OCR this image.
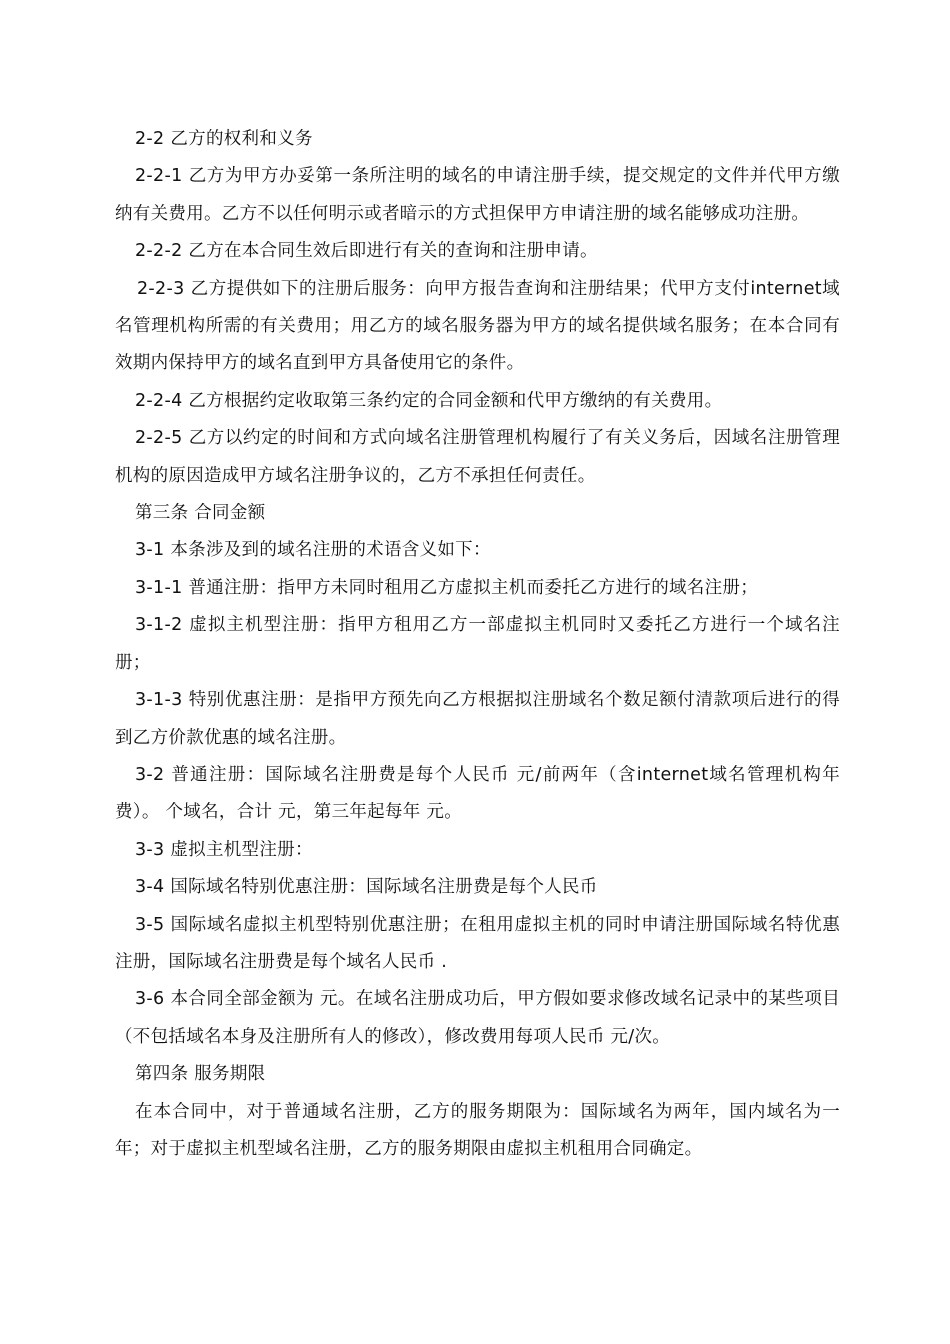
2-2 乙方的权利和义务

2-2-1 乙方为甲方办妥第一条所注明的域名的申请注册手续，提交规定的文件并代甲方缴纳有关费用。乙方不以任何明示或者暗示的方式担保甲方申请注册的域名能够成功注册。

2-2-2 乙方在本合同生效后即进行有关的查询和注册申请。

2-2-3 乙方提供如下的注册后服务：向甲方报告查询和注册结果；代甲方支付internet域名管理机构所需的有关费用；用乙方的域名服务器为甲方的域名提供域名服务；在本合同有效期内保持甲方的域名直到甲方具备使用它的条件。

2-2-4 乙方根据约定收取第三条约定的合同金额和代甲方缴纳的有关费用。

2-2-5 乙方以约定的时间和方式向域名注册管理机构履行了有关义务后，因域名注册管理机构的原因造成甲方域名注册争议的，乙方不承担任何责任。

第三条 合同金额

3-1 本条涉及到的域名注册的术语含义如下：

3-1-1 普通注册：指甲方未同时租用乙方虚拟主机而委托乙方进行的域名注册；

3-1-2 虚拟主机型注册：指甲方租用乙方一部虚拟主机同时又委托乙方进行一个域名注册；

3-1-3 特别优惠注册：是指甲方预先向乙方根据拟注册域名个数足额付清款项后进行的得到乙方价款优惠的域名注册。

3-2 普通注册：国际域名注册费是每个人民币 元/前两年（含internet域名管理机构年费）。 个域名，合计 元，第三年起每年 元。

3-3 虚拟主机型注册：

3-4 国际域名特别优惠注册：国际域名注册费是每个人民币

3-5 国际域名虚拟主机型特别优惠注册；在租用虚拟主机的同时申请注册国际域名特优惠注册，国际域名注册费是每个域名人民币 .

3-6 本合同全部金额为 元。在域名注册成功后，甲方假如要求修改域名记录中的某些项目（不包括域名本身及注册所有人的修改），修改费用每项人民币 元/次。

第四条 服务期限

在本合同中，对于普通域名注册，乙方的服务期限为：国际域名为两年，国内域名为一年；对于虚拟主机型域名注册，乙方的服务期限由虚拟主机租用合同确定。
